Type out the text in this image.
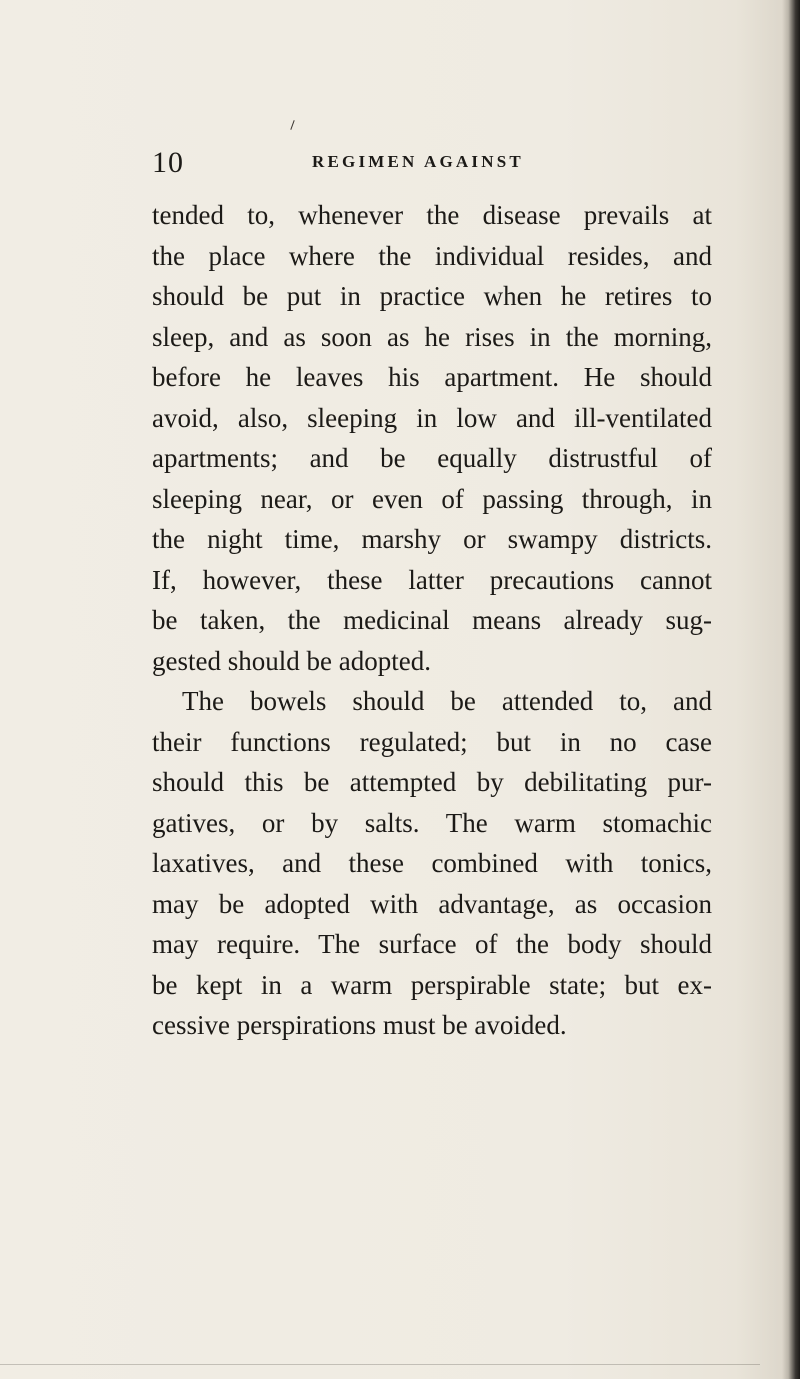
10	REGIMEN AGAINST
tended to, whenever the disease prevails at
the place where the individual resides, and
should be put in practice when he retires to
sleep, and as soon as he rises in the morning,
before he leaves his apartment. He should
avoid, also, sleeping in low and ill-ventilated
apartments; and be equally distrustful of
sleeping near, or even of passing through, in
the night time, marshy or swampy districts.
If, however, these latter precautions cannot
be taken, the medicinal means already sug-
gested should be adopted.
The bowels should be attended to, and
their functions regulated; but in no case
should this be attempted by debilitating pur-
gatives, or by salts. The warm stomachic
laxatives, and these combined with tonics,
may be adopted with advantage, as occasion
may require. The surface of the body should
be kept in a warm perspirable state; but ex-
cessive perspirations must be avoided.
